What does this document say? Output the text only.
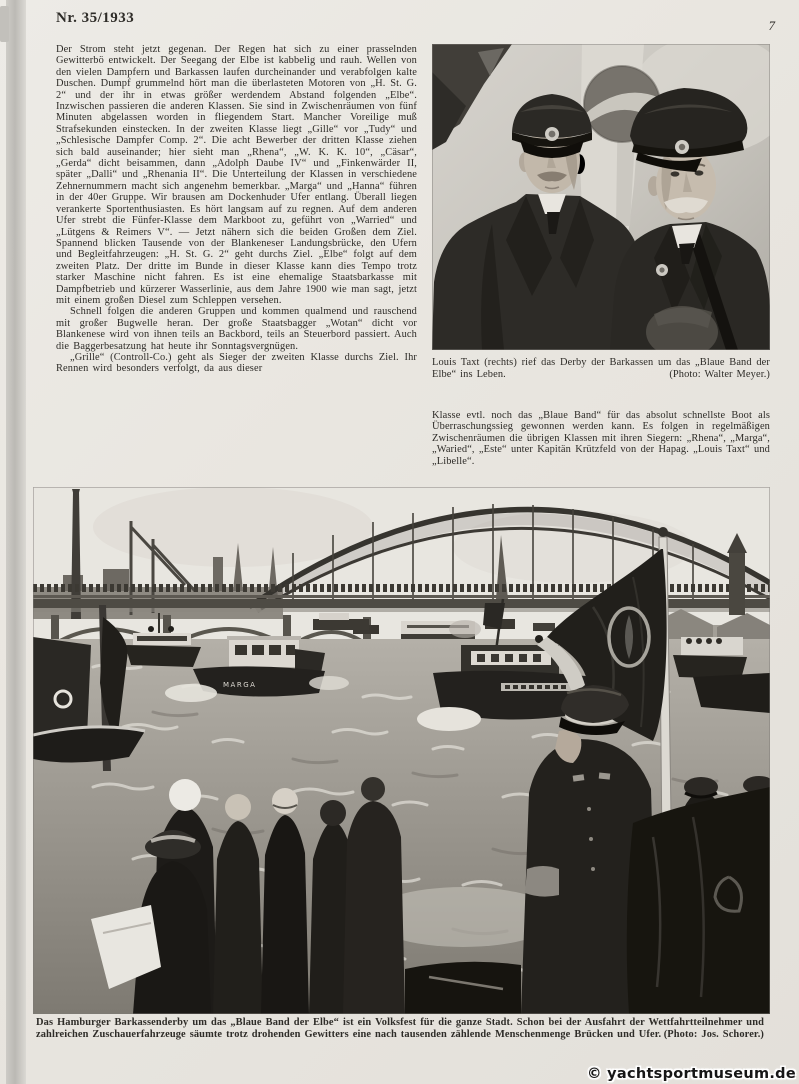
Nr. 35/1933	7

Der Strom steht jetzt gegenan. Der Regen hat sich zu einer prasselnden Gewitterbö entwickelt. Der Seegang der Elbe ist kabbelig und rauh. Wellen von den vielen Dampfern und Barkassen laufen durcheinander und verabfolgen kalte Duschen. Dumpf grummelnd hört man die überlasteten Motoren von „H. St. G. 2“ und der ihr in etwas größer werdendem Abstand folgenden „Elbe“. Inzwischen passieren die anderen Klassen. Sie sind in Zwischenräumen von fünf Minuten abgelassen worden in fliegendem Start. Mancher Voreilige muß Strafsekunden einstecken. In der zweiten Klasse liegt „Gille“ vor „Tudy“ und „Schlesische Dampfer Comp. 2“. Die acht Bewerber der dritten Klasse ziehen sich bald auseinander; hier sieht man „Rhena“, „W. K. K. 10“, „Cäsar“, „Gerda“ dicht beisammen, dann „Adolph Daube IV“ und „Finkenwärder II, später „Dalli“ und „Rhenania II“. Die Unterteilung der Klassen in verschiedene Zehnernummern macht sich angenehm bemerkbar. „Marga“ und „Hanna“ führen in der 40er Gruppe. Wir brausen am Dockenhuder Ufer entlang. Überall liegen verankerte Sportenthusiasten. Es hört langsam auf zu regnen. Auf dem anderen Ufer strebt die Fünfer-Klasse dem Markboot zu, geführt von „Warried“ und „Lütgens & Reimers V“. — Jetzt nähern sich die beiden Großen dem Ziel. Spannend blicken Tausende von der Blankeneser Landungsbrücke, den Ufern und Begleitfahrzeugen: „H. St. G. 2“ geht durchs Ziel. „Elbe“ folgt auf dem zweiten Platz. Der dritte im Bunde in dieser Klasse kann dies Tempo trotz starker Maschine nicht fahren. Es ist eine ehemalige Staatsbarkasse mit Dampfbetrieb und kürzerer Wasserlinie, aus dem Jahre 1900 wie man sagt, jetzt mit einem großen Diesel zum Schleppen versehen.

Schnell folgen die anderen Gruppen und kommen qualmend und rauschend mit großer Bugwelle heran. Der große Staatsbagger „Wotan“ dicht vor Blankenese wird von ihnen teils an Backbord, teils an Steuerbord passiert. Auch die Baggerbesatzung hat heute ihr Sonntagsvergnügen.

„Grille“ (Controll-Co.) geht als Sieger der zweiten Klasse durchs Ziel. Ihr Rennen wird besonders verfolgt, da aus dieser

Louis Taxt (rechts) rief das Derby der Barkassen um das „Blaue Band der Elbe“ ins Leben.	(Photo: Walter Meyer.)

Klasse evtl. noch das „Blaue Band“ für das absolut schnellste Boot als Überraschungssieg gewonnen werden kann. Es folgen in regelmäßigen Zwischenräumen die übrigen Klassen mit ihren Siegern: „Rhena“, „Marga“, „Waried“, „Este“ unter Kapitän Krützfeld von der Hapag. „Louis Taxt“ und „Libelle“.

MARGA

Das Hamburger Barkassenderby um das „Blaue Band der Elbe“ ist ein Volksfest für die ganze Stadt. Schon bei der Ausfahrt der Wettfahrtteilnehmer und zahlreichen Zuschauerfahrzeuge säumte trotz drohenden Gewitters eine nach tausenden zählende Menschenmenge Brücken und Ufer. (Photo: Jos. Schorer.)

© yachtsportmuseum.de
